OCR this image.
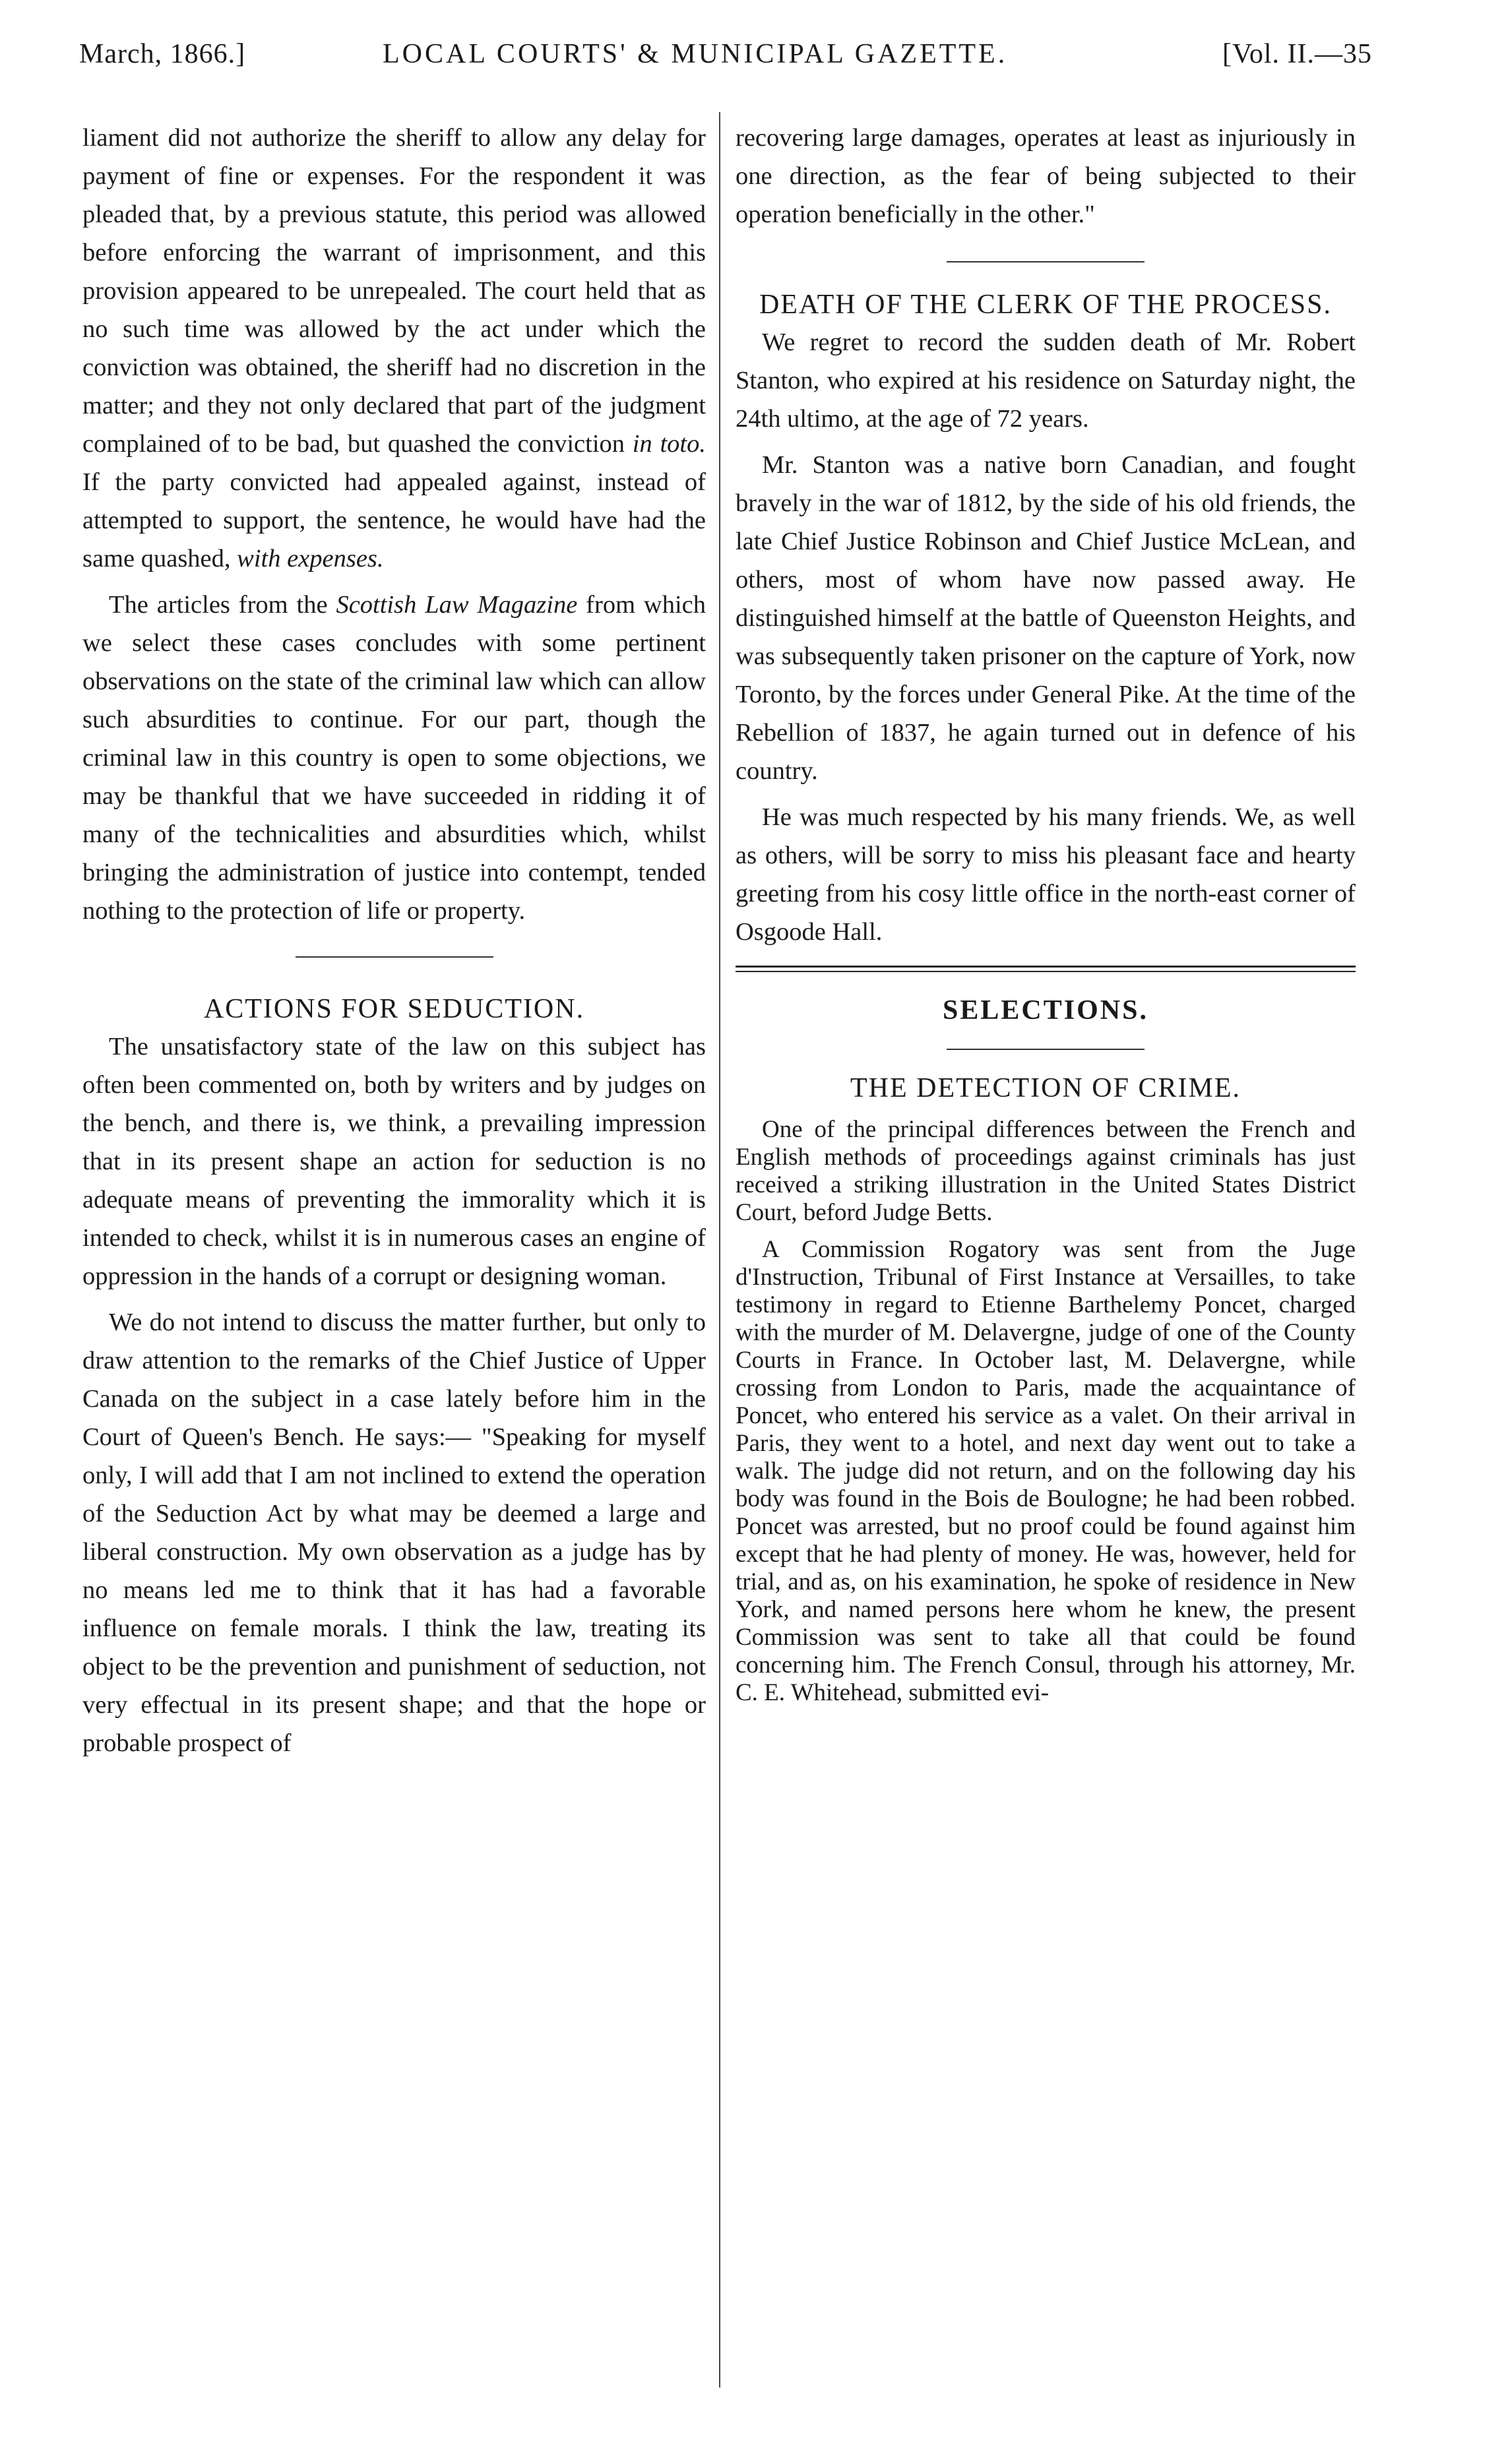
March, 1866.]	LOCAL COURTS' & MUNICIPAL GAZETTE.	[Vol. II.—35

liament did not authorize the sheriff to allow any delay for payment of fine or expenses. For the respondent it was pleaded that, by a previous statute, this period was allowed before enforcing the warrant of imprisonment, and this provision appeared to be unrepealed. The court held that as no such time was allowed by the act under which the conviction was obtained, the sheriff had no discretion in the matter; and they not only declared that part of the judgment complained of to be bad, but quashed the conviction in toto. If the party convicted had appealed against, instead of attempted to support, the sentence, he would have had the same quashed, with expenses.

The articles from the Scottish Law Magazine from which we select these cases concludes with some pertinent observations on the state of the criminal law which can allow such absurdities to continue. For our part, though the criminal law in this country is open to some objections, we may be thankful that we have succeeded in ridding it of many of the technicalities and absurdities which, whilst bringing the administration of justice into contempt, tended nothing to the protection of life or property.

ACTIONS FOR SEDUCTION.

The unsatisfactory state of the law on this subject has often been commented on, both by writers and by judges on the bench, and there is, we think, a prevailing impression that in its present shape an action for seduction is no adequate means of preventing the immorality which it is intended to check, whilst it is in numerous cases an engine of oppression in the hands of a corrupt or designing woman.

We do not intend to discuss the matter further, but only to draw attention to the remarks of the Chief Justice of Upper Canada on the subject in a case lately before him in the Court of Queen's Bench. He says:— "Speaking for myself only, I will add that I am not inclined to extend the operation of the Seduction Act by what may be deemed a large and liberal construction. My own observation as a judge has by no means led me to think that it has had a favorable influence on female morals. I think the law, treating its object to be the prevention and punishment of seduction, not very effectual in its present shape; and that the hope or probable prospect of

recovering large damages, operates at least as injuriously in one direction, as the fear of being subjected to their operation beneficially in the other."

DEATH OF THE CLERK OF THE PROCESS.

We regret to record the sudden death of Mr. Robert Stanton, who expired at his residence on Saturday night, the 24th ultimo, at the age of 72 years.

Mr. Stanton was a native born Canadian, and fought bravely in the war of 1812, by the side of his old friends, the late Chief Justice Robinson and Chief Justice McLean, and others, most of whom have now passed away. He distinguished himself at the battle of Queenston Heights, and was subsequently taken prisoner on the capture of York, now Toronto, by the forces under General Pike. At the time of the Rebellion of 1837, he again turned out in defence of his country.

He was much respected by his many friends. We, as well as others, will be sorry to miss his pleasant face and hearty greeting from his cosy little office in the north-east corner of Osgoode Hall.

SELECTIONS.
THE DETECTION OF CRIME.

One of the principal differences between the French and English methods of proceedings against criminals has just received a striking illustration in the United States District Court, beford Judge Betts.

A Commission Rogatory was sent from the Juge d'Instruction, Tribunal of First Instance at Versailles, to take testimony in regard to Etienne Barthelemy Poncet, charged with the murder of M. Delavergne, judge of one of the County Courts in France. In October last, M. Delavergne, while crossing from London to Paris, made the acquaintance of Poncet, who entered his service as a valet. On their arrival in Paris, they went to a hotel, and next day went out to take a walk. The judge did not return, and on the following day his body was found in the Bois de Boulogne; he had been robbed. Poncet was arrested, but no proof could be found against him except that he had plenty of money. He was, however, held for trial, and as, on his examination, he spoke of residence in New York, and named persons here whom he knew, the present Commission was sent to take all that could be found concerning him. The French Consul, through his attorney, Mr. C. E. Whitehead, submitted evi-
